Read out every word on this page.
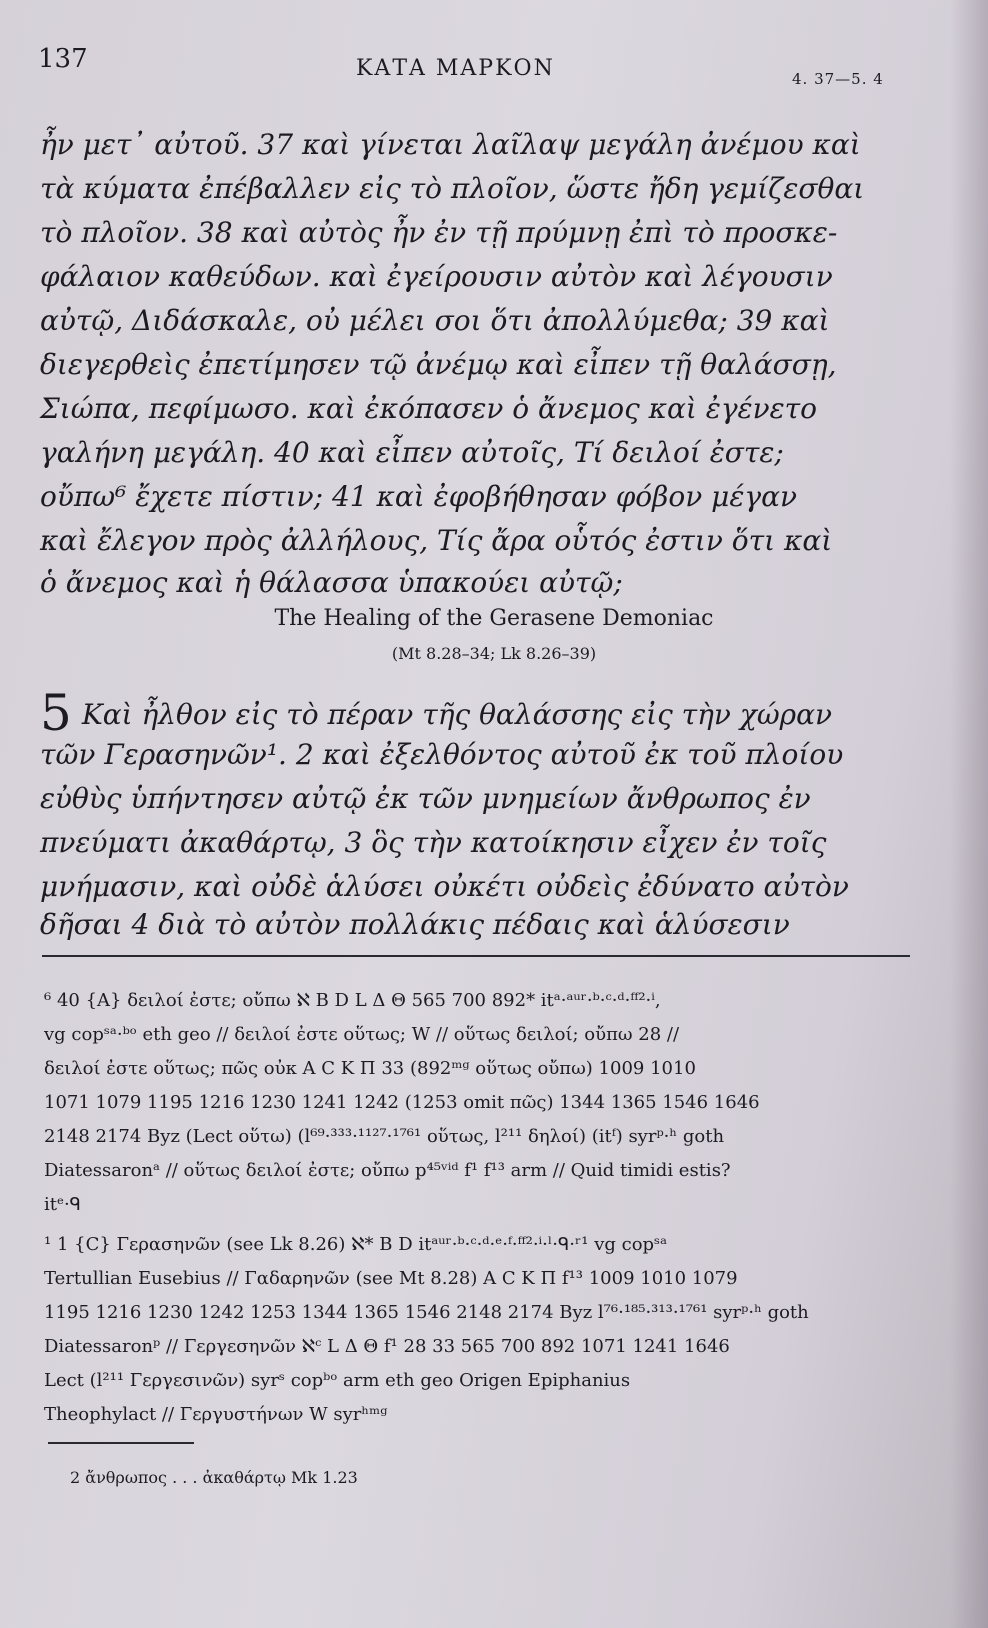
137	ΚΑΤΑ ΜΑΡΚΟΝ	4. 37—5. 4
ἦν μετ᾽ αὐτοῦ. 37 καὶ γίνεται λαῖλαψ μεγάλη ἀνέμου καὶ
τὰ κύματα ἐπέβαλλεν εἰς τὸ πλοῖον, ὥστε ἤδη γεμίζεσθαι
τὸ πλοῖον. 38 καὶ αὐτὸς ἦν ἐν τῇ πρύμνῃ ἐπὶ τὸ προσκε-
φάλαιον καθεύδων. καὶ ἐγείρουσιν αὐτὸν καὶ λέγουσιν
αὐτῷ, Διδάσκαλε, οὐ μέλει σοι ὅτι ἀπολλύμεθα; 39 καὶ
διεγερθεὶς ἐπετίμησεν τῷ ἀνέμῳ καὶ εἶπεν τῇ θαλάσσῃ,
Σιώπα, πεφίμωσο. καὶ ἐκόπασεν ὁ ἄνεμος καὶ ἐγένετο
γαλήνη μεγάλη. 40 καὶ εἶπεν αὐτοῖς, Τί δειλοί ἐστε;
οὔπω⁶ ἔχετε πίστιν; 41 καὶ ἐφοβήθησαν φόβον μέγαν
καὶ ἔλεγον πρὸς ἀλλήλους, Τίς ἄρα οὗτός ἐστιν ὅτι καὶ
ὁ ἄνεμος καὶ ἡ θάλασσα ὑπακούει αὐτῷ;
The Healing of the Gerasene Demoniac
(Mt 8.28–34; Lk 8.26–39)
5 Καὶ ἦλθον εἰς τὸ πέραν τῆς θαλάσσης εἰς τὴν χώραν
τῶν Γερασηνῶν¹. 2 καὶ ἐξελθόντος αὐτοῦ ἐκ τοῦ πλοίου
εὐθὺς ὑπήντησεν αὐτῷ ἐκ τῶν μνημείων ἄνθρωπος ἐν
πνεύματι ἀκαθάρτῳ, 3 ὃς τὴν κατοίκησιν εἶχεν ἐν τοῖς
μνήμασιν, καὶ οὐδὲ ἁλύσει οὐκέτι οὐδεὶς ἐδύνατο αὐτὸν
δῆσαι 4 διὰ τὸ αὐτὸν πολλάκις πέδαις καὶ ἁλύσεσιν
⁶ 40 {A} δειλοί ἐστε; οὔπω ℵ B D L Δ Θ 565 700 892* itᵃ·ᵃᵘʳ·ᵇ·ᶜ·ᵈ·ᶠᶠ²·ⁱ,
vg copˢᵃ·ᵇᵒ eth geo // δειλοί ἐστε οὕτως; W // οὕτως δειλοί; οὔπω 28 //
δειλοί ἐστε οὕτως; πῶς οὐκ A C K Π 33 (892ᵐᵍ οὕτως οὔπω) 1009 1010
1071 1079 1195 1216 1230 1241 1242 (1253 omit πῶς) 1344 1365 1546 1646
2148 2174 Byz (Lect οὕτω) (l⁶⁹·³³³·¹¹²⁷·¹⁷⁶¹ οὕτως, l²¹¹ δηλοί) (itᶠ) syrᵖ·ʰ goth
Diatessaronᵃ // οὕτως δειλοί ἐστε; οὔπω p⁴⁵ᵛⁱᵈ f¹ f¹³ arm // Quid timidi estis?
itᵉ·ᑫ
¹ 1 {C} Γερασηνῶν (see Lk 8.26) ℵ* B D itᵃᵘʳ·ᵇ·ᶜ·ᵈ·ᵉ·ᶠ·ᶠᶠ²·ⁱ·ˡ·ᑫ·ʳ¹ vg copˢᵃ
Tertullian Eusebius // Γαδαρηνῶν (see Mt 8.28) A C K Π f¹³ 1009 1010 1079
1195 1216 1230 1242 1253 1344 1365 1546 2148 2174 Byz l⁷⁶·¹⁸⁵·³¹³·¹⁷⁶¹ syrᵖ·ʰ goth
Diatessaronᵖ // Γεργεσηνῶν ℵᶜ L Δ Θ f¹ 28 33 565 700 892 1071 1241 1646
Lect (l²¹¹ Γεργεσινῶν) syrˢ copᵇᵒ arm eth geo Origen Epiphanius
Theophylact // Γεργυστήνων W syrʰᵐᵍ
2 ἄνθρωπος . . . ἀκαθάρτῳ Mk 1.23
